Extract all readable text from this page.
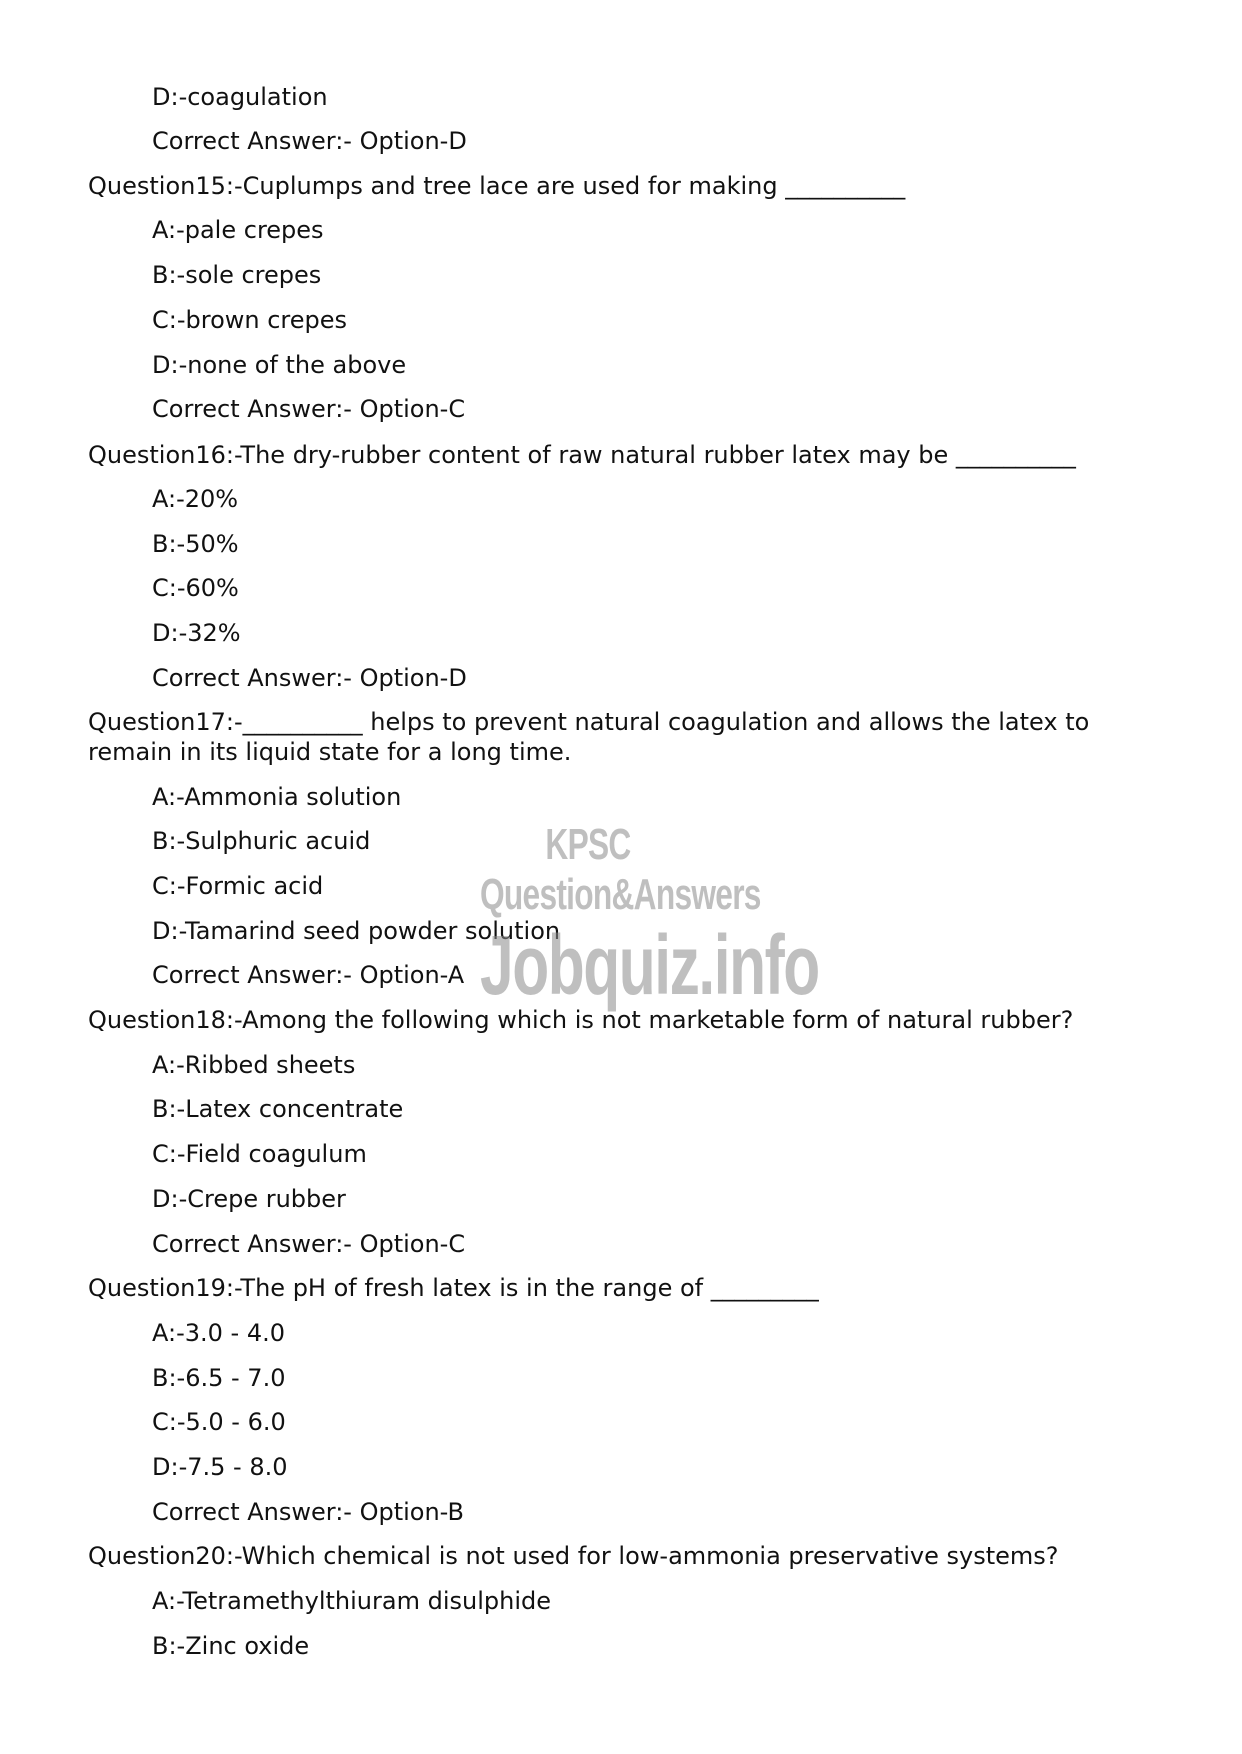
D:-coagulation
Correct Answer:- Option-D
Question15:-Cuplumps and tree lace are used for making __________
A:-pale crepes
B:-sole crepes
C:-brown crepes
D:-none of the above
Correct Answer:- Option-C
Question16:-The dry-rubber content of raw natural rubber latex may be __________
A:-20%
B:-50%
C:-60%
D:-32%
Correct Answer:- Option-D
Question17:-__________ helps to prevent natural coagulation and allows the latex to remain in its liquid state for a long time.
A:-Ammonia solution
B:-Sulphuric acuid
C:-Formic acid
D:-Tamarind seed powder solution
Correct Answer:- Option-A
Question18:-Among the following which is not marketable form of natural rubber?
A:-Ribbed sheets
B:-Latex concentrate
C:-Field coagulum
D:-Crepe rubber
Correct Answer:- Option-C
Question19:-The pH of fresh latex is in the range of _________
A:-3.0 - 4.0
B:-6.5 - 7.0
C:-5.0 - 6.0
D:-7.5 - 8.0
Correct Answer:- Option-B
Question20:-Which chemical is not used for low-ammonia preservative systems?
A:-Tetramethylthiuram disulphide
B:-Zinc oxide
KPSC Question&Answers
Jobquiz.info
